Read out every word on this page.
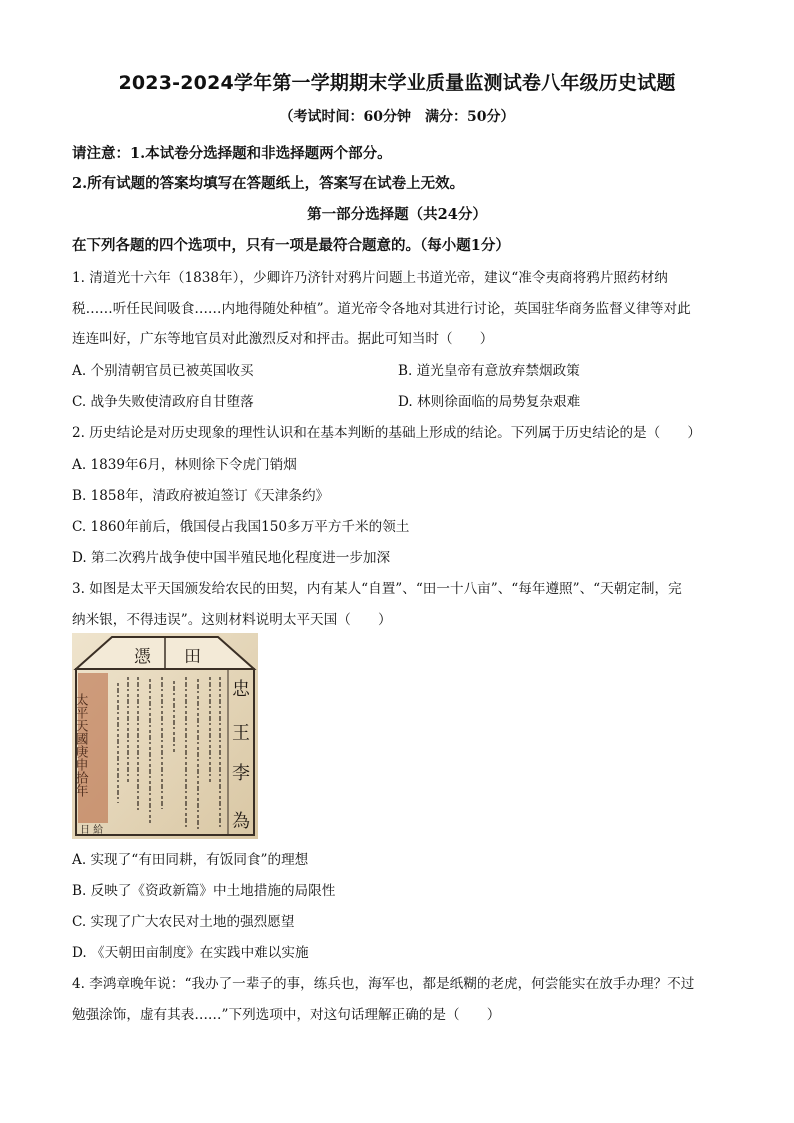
2023-2024学年第一学期期末学业质量监测试卷八年级历史试题
（考试时间：60分钟　满分：50分）
请注意：1.本试卷分选择题和非选择题两个部分。
2.所有试题的答案均填写在答题纸上，答案写在试卷上无效。
第一部分选择题（共24分）
在下列各题的四个选项中，只有一项是最符合题意的。（每小题1分）
1. 清道光十六年（1838年），少卿许乃济针对鸦片问题上书道光帝，建议“准令夷商将鸦片照药材纳
税……听任民间吸食……内地得随处种植”。道光帝令各地对其进行讨论，英国驻华商务监督义律等对此
连连叫好，广东等地官员对此激烈反对和抨击。据此可知当时（　　）
A. 个别清朝官员已被英国收买	B. 道光皇帝有意放弃禁烟政策
C. 战争失败使清政府自甘堕落	D. 林则徐面临的局势复杂艰难
2. 历史结论是对历史现象的理性认识和在基本判断的基础上形成的结论。下列属于历史结论的是（　　）
A. 1839年6月，林则徐下令虎门销烟
B. 1858年，清政府被迫签订《天津条约》
C. 1860年前后，俄国侵占我国150多万平方千米的领土
D. 第二次鸦片战争使中国半殖民地化程度进一步加深
3. 如图是太平天国颁发给农民的田契，内有某人“自置”、“田一十八亩”、“每年遵照”、“天朝定制，完
纳米银，不得违误”。这则材料说明太平天国（　　）
憑 田
太平天國庚申拾年
忠
王
李
為
日 給
A. 实现了“有田同耕，有饭同食”的理想
B. 反映了《资政新篇》中土地措施的局限性
C. 实现了广大农民对土地的强烈愿望
D. 《天朝田亩制度》在实践中难以实施
4. 李鸿章晚年说：“我办了一辈子的事，练兵也，海军也，都是纸糊的老虎，何尝能实在放手办理？不过
勉强涂饰，虚有其表……”下列选项中，对这句话理解正确的是（　　）
